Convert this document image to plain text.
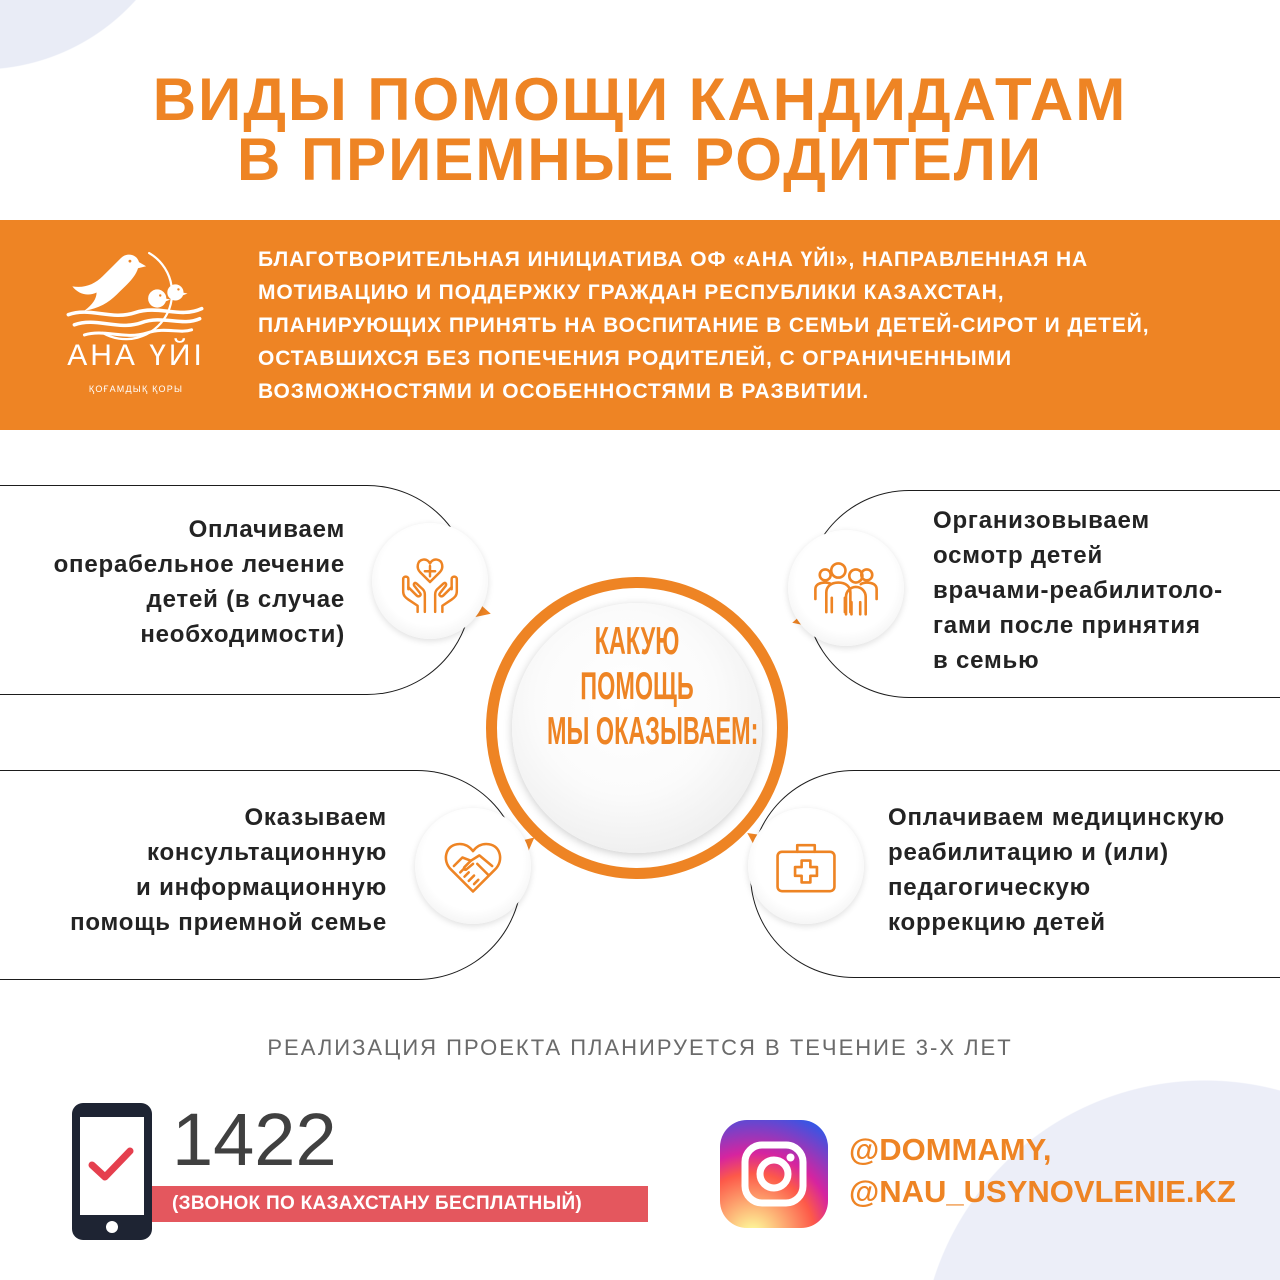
ВИДЫ ПОМОЩИ КАНДИДАТАМ
В ПРИЕМНЫЕ РОДИТЕЛИ
АНА ҮЙІ
ҚОҒАМДЫҚ ҚОРЫ
БЛАГОТВОРИТЕЛЬНАЯ ИНИЦИАТИВА ОФ «АНА ҮЙІ», НАПРАВЛЕННАЯ НА
МОТИВАЦИЮ И ПОДДЕРЖКУ ГРАЖДАН РЕСПУБЛИКИ КАЗАХСТАН,
ПЛАНИРУЮЩИХ ПРИНЯТЬ НА ВОСПИТАНИЕ В СЕМЬИ ДЕТЕЙ-СИРОТ И ДЕТЕЙ,
ОСТАВШИХСЯ БЕЗ ПОПЕЧЕНИЯ РОДИТЕЛЕЙ, С ОГРАНИЧЕННЫМИ
ВОЗМОЖНОСТЯМИ И ОСОБЕННОСТЯМИ В РАЗВИТИИ.
КАКУЮ
ПОМОЩЬ
МЫ ОКАЗЫВАЕМ:
Оплачиваем
операбельное лечение
детей (в случае
необходимости)
Организовываем
осмотр детей
врачами-реабилитоло-
гами после принятия
в семью
Оказываем
консультационную
и информационную
помощь приемной семье
Оплачиваем медицинскую
реабилитацию и (или)
педагогическую
коррекцию детей
РЕАЛИЗАЦИЯ ПРОЕКТА ПЛАНИРУЕТСЯ В ТЕЧЕНИЕ 3-Х ЛЕТ
1422
(ЗВОНОК ПО КАЗАХСТАНУ БЕСПЛАТНЫЙ)
@DOMMAMY,
@NAU_USYNOVLENIE.KZ
